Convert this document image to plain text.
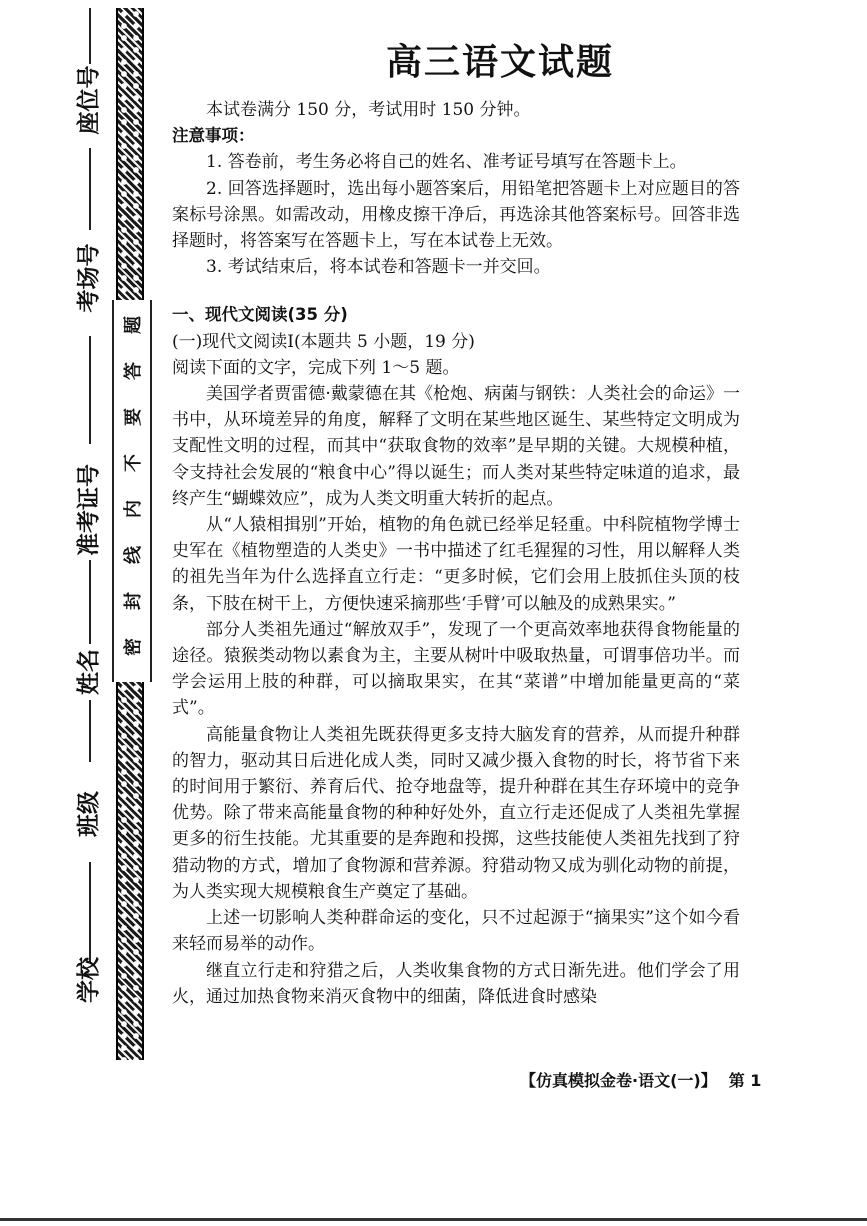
座位号
考场号
准考证号
姓名
班级
学校
题
答
要
不
内
线
封
密
高三语文试题

本试卷满分 150 分，考试用时 150 分钟。

注意事项：

1. 答卷前，考生务必将自己的姓名、准考证号填写在答题卡上。

2. 回答选择题时，选出每小题答案后，用铅笔把答题卡上对应题目的答案标号涂黑。如需改动，用橡皮擦干净后，再选涂其他答案标号。回答非选择题时，将答案写在答题卡上，写在本试卷上无效。

3. 考试结束后，将本试卷和答题卡一并交回。

一、现代文阅读(35 分)

(一)现代文阅读Ⅰ(本题共 5 小题，19 分)

阅读下面的文字，完成下列 1～5 题。

美国学者贾雷德·戴蒙德在其《枪炮、病菌与钢铁：人类社会的命运》一书中，从环境差异的角度，解释了文明在某些地区诞生、某些特定文明成为支配性文明的过程，而其中“获取食物的效率”是早期的关键。大规模种植，令支持社会发展的“粮食中心”得以诞生；而人类对某些特定味道的追求，最终产生“蝴蝶效应”，成为人类文明重大转折的起点。

从“人猿相揖别”开始，植物的角色就已经举足轻重。中科院植物学博士史军在《植物塑造的人类史》一书中描述了红毛猩猩的习性，用以解释人类的祖先当年为什么选择直立行走：“更多时候，它们会用上肢抓住头顶的枝条，下肢在树干上，方便快速采摘那些‘手臂’可以触及的成熟果实。”

部分人类祖先通过“解放双手”，发现了一个更高效率地获得食物能量的途径。猿猴类动物以素食为主，主要从树叶中吸取热量，可谓事倍功半。而学会运用上肢的种群，可以摘取果实，在其“菜谱”中增加能量更高的“菜式”。

高能量食物让人类祖先既获得更多支持大脑发育的营养，从而提升种群的智力，驱动其日后进化成人类，同时又减少摄入食物的时长，将节省下来的时间用于繁衍、养育后代、抢夺地盘等，提升种群在其生存环境中的竞争优势。除了带来高能量食物的种种好处外，直立行走还促成了人类祖先掌握更多的衍生技能。尤其重要的是奔跑和投掷，这些技能使人类祖先找到了狩猎动物的方式，增加了食物源和营养源。狩猎动物又成为驯化动物的前提，为人类实现大规模粮食生产奠定了基础。

上述一切影响人类种群命运的变化，只不过起源于“摘果实”这个如今看来轻而易举的动作。

继直立行走和狩猎之后，人类收集食物的方式日渐先进。他们学会了用火，通过加热食物来消灭食物中的细菌，降低进食时感染

【仿真模拟金卷·语文(一)】 第 1
